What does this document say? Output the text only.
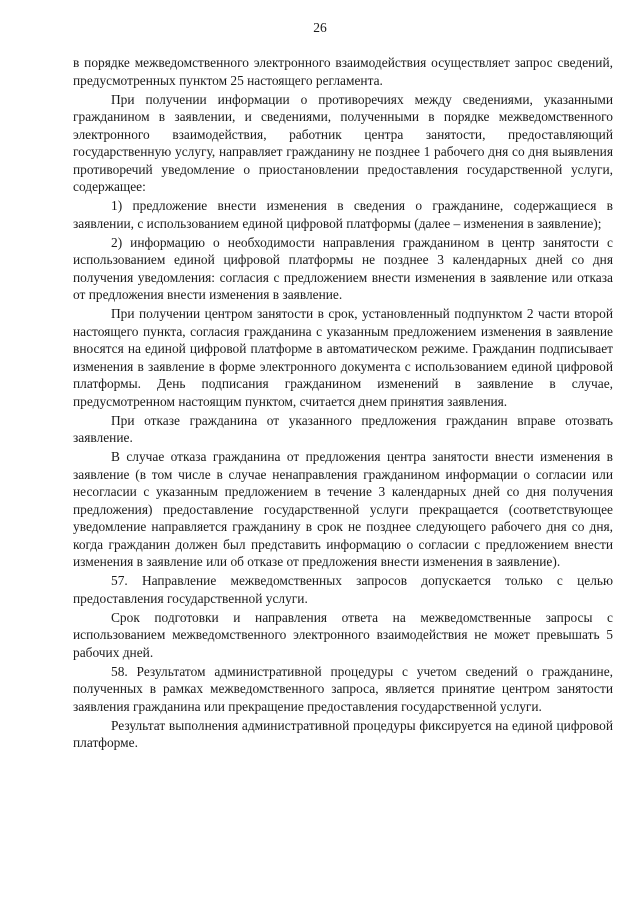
26

в порядке межведомственного электронного взаимодействия осуществляет запрос сведений, предусмотренных пунктом 25 настоящего регламента.

При получении информации о противоречиях между сведениями, указанными гражданином в заявлении, и сведениями, полученными в порядке межведомственного электронного взаимодействия, работник центра занятости, предоставляющий государственную услугу, направляет гражданину не позднее 1 рабочего дня со дня выявления противоречий уведомление о приостановлении предоставления государственной услуги, содержащее:

1) предложение внести изменения в сведения о гражданине, содержащиеся в заявлении, с использованием единой цифровой платформы (далее – изменения в заявление);

2) информацию о необходимости направления гражданином в центр занятости с использованием единой цифровой платформы не позднее 3 календарных дней со дня получения уведомления: согласия с предложением внести изменения в заявление или отказа от предложения внести изменения в заявление.

При получении центром занятости в срок, установленный подпунктом 2 части второй настоящего пункта, согласия гражданина с указанным предложением изменения в заявление вносятся на единой цифровой платформе в автоматическом режиме. Гражданин подписывает изменения в заявление в форме электронного документа с использованием единой цифровой платформы. День подписания гражданином изменений в заявление в случае, предусмотренном настоящим пунктом, считается днем принятия заявления.

При отказе гражданина от указанного предложения гражданин вправе отозвать заявление.

В случае отказа гражданина от предложения центра занятости внести изменения в заявление (в том числе в случае ненаправления гражданином информации о согласии или несогласии с указанным предложением в течение 3 календарных дней со дня получения предложения) предоставление государственной услуги прекращается (соответствующее уведомление направляется гражданину в срок не позднее следующего рабочего дня со дня, когда гражданин должен был представить информацию о согласии с предложением внести изменения в заявление или об отказе от предложения внести изменения в заявление).

57. Направление межведомственных запросов допускается только с целью предоставления государственной услуги.

Срок подготовки и направления ответа на межведомственные запросы с использованием межведомственного электронного взаимодействия не может превышать 5 рабочих дней.

58. Результатом административной процедуры с учетом сведений о гражданине, полученных в рамках межведомственного запроса, является принятие центром занятости заявления гражданина или прекращение предоставления государственной услуги.

Результат выполнения административной процедуры фиксируется на единой цифровой платформе.
